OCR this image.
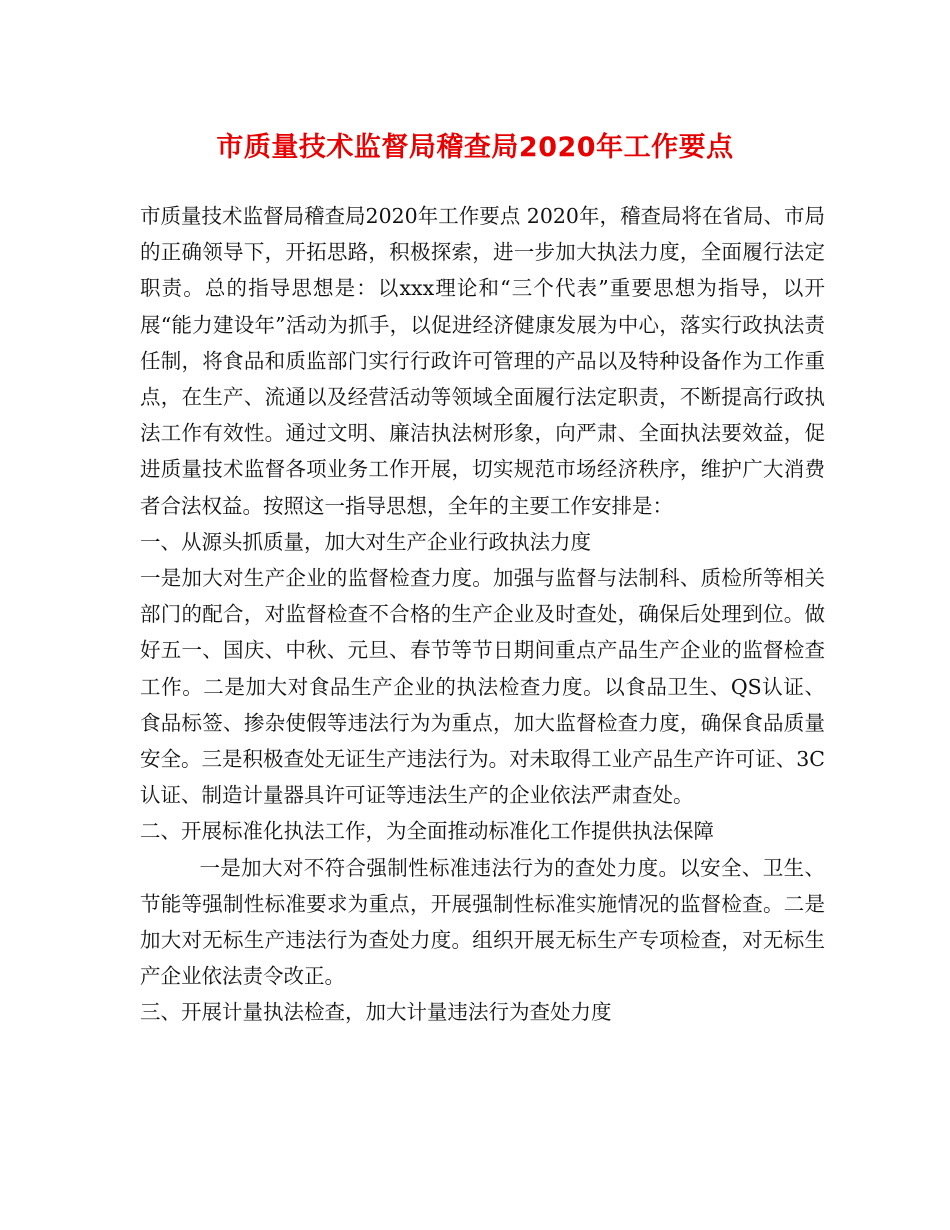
市质量技术监督局稽查局2020年工作要点

市质量技术监督局稽查局2020年工作要点 2020年，稽查局将在省局、市局的正确领导下，开拓思路，积极探索，进一步加大执法力度，全面履行法定职责。总的指导思想是：以xxx理论和“三个代表”重要思想为指导，以开展“能力建设年”活动为抓手，以促进经济健康发展为中心，落实行政执法责任制，将食品和质监部门实行行政许可管理的产品以及特种设备作为工作重点，在生产、流通以及经营活动等领域全面履行法定职责，不断提高行政执法工作有效性。通过文明、廉洁执法树形象，向严肃、全面执法要效益，促进质量技术监督各项业务工作开展，切实规范市场经济秩序，维护广大消费者合法权益。按照这一指导思想，全年的主要工作安排是：

一、从源头抓质量，加大对生产企业行政执法力度

一是加大对生产企业的监督检查力度。加强与监督与法制科、质检所等相关部门的配合，对监督检查不合格的生产企业及时查处，确保后处理到位。做好五一、国庆、中秋、元旦、春节等节日期间重点产品生产企业的监督检查工作。二是加大对食品生产企业的执法检查力度。以食品卫生、QS认证、食品标签、掺杂使假等违法行为为重点，加大监督检查力度，确保食品质量安全。三是积极查处无证生产违法行为。对未取得工业产品生产许可证、3C认证、制造计量器具许可证等违法生产的企业依法严肃查处。

二、开展标准化执法工作，为全面推动标准化工作提供执法保障

一是加大对不符合强制性标准违法行为的查处力度。以安全、卫生、节能等强制性标准要求为重点，开展强制性标准实施情况的监督检查。二是加大对无标生产违法行为查处力度。组织开展无标生产专项检查，对无标生产企业依法责令改正。

三、开展计量执法检查，加大计量违法行为查处力度
